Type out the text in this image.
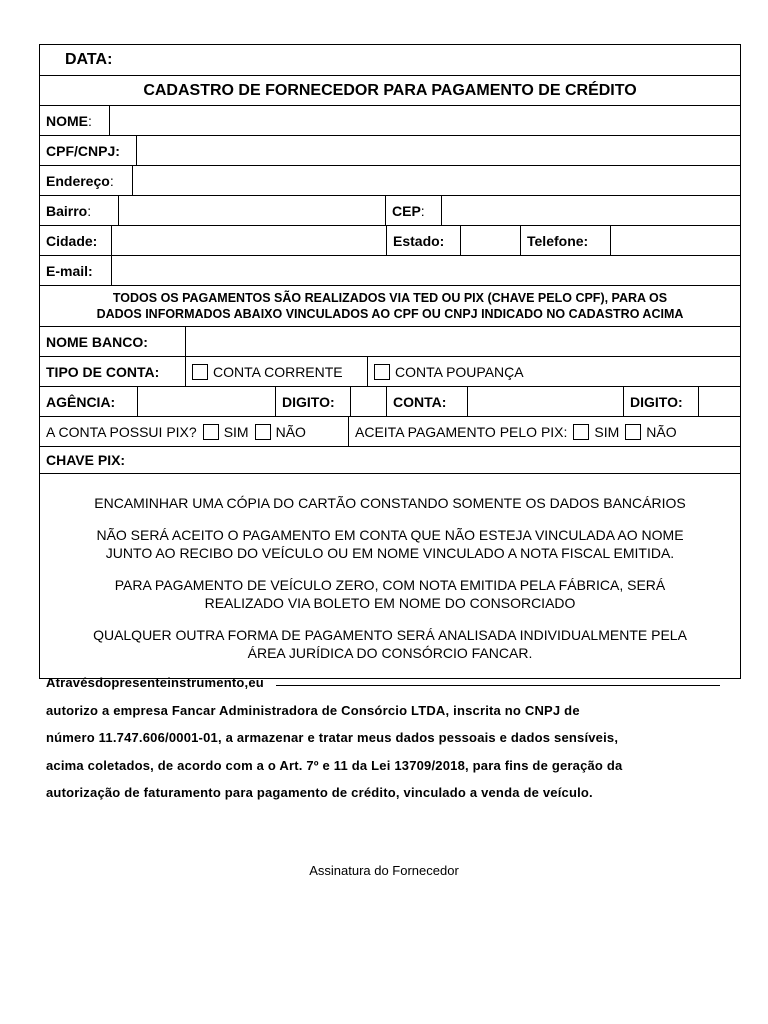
DATA:
CADASTRO DE FORNECEDOR PARA PAGAMENTO DE CRÉDITO
NOME :
CPF/CNPJ:
Endereço :
Bairro :	CEP :
Cidade:	Estado:	Telefone:
E-mail:
TODOS OS PAGAMENTOS SÃO REALIZADOS VIA TED OU PIX (CHAVE PELO CPF), PARA OS
DADOS INFORMADOS ABAIXO VINCULADOS AO CPF OU CNPJ INDICADO NO CADASTRO ACIMA
NOME BANCO:
TIPO DE CONTA:	CONTA CORRENTE	CONTA POUPANÇA
AGÊNCIA:	DIGITO:	CONTA:	DIGITO:
A CONTA POSSUI PIX? SIM NÃO	ACEITA PAGAMENTO PELO PIX: SIM NÃO
CHAVE PIX:

ENCAMINHAR UMA CÓPIA DO CARTÃO CONSTANDO SOMENTE OS DADOS BANCÁRIOS

NÃO SERÁ ACEITO O PAGAMENTO EM CONTA QUE NÃO ESTEJA VINCULADA AO NOME
JUNTO AO RECIBO DO VEÍCULO OU EM NOME VINCULADO A NOTA FISCAL EMITIDA.

PARA PAGAMENTO DE VEÍCULO ZERO, COM NOTA EMITIDA PELA FÁBRICA, SERÁ
REALIZADO VIA BOLETO EM NOME DO CONSORCIADO

QUALQUER OUTRA FORMA DE PAGAMENTO SERÁ ANALISADA INDIVIDUALMENTE PELA
ÁREA JURÍDICA DO CONSÓRCIO FANCAR.

Através do presente instrumento, eu
autorizo a empresa Fancar Administradora de Consórcio LTDA, inscrita no CNPJ de
número 11.747.606/0001-01, a armazenar e tratar meus dados pessoais e dados sensíveis,
acima coletados, de acordo com a o Art. 7º e 11 da Lei 13709/2018, para fins de geração da
autorização de faturamento para pagamento de crédito, vinculado a venda de veículo.
Assinatura do Fornecedor
